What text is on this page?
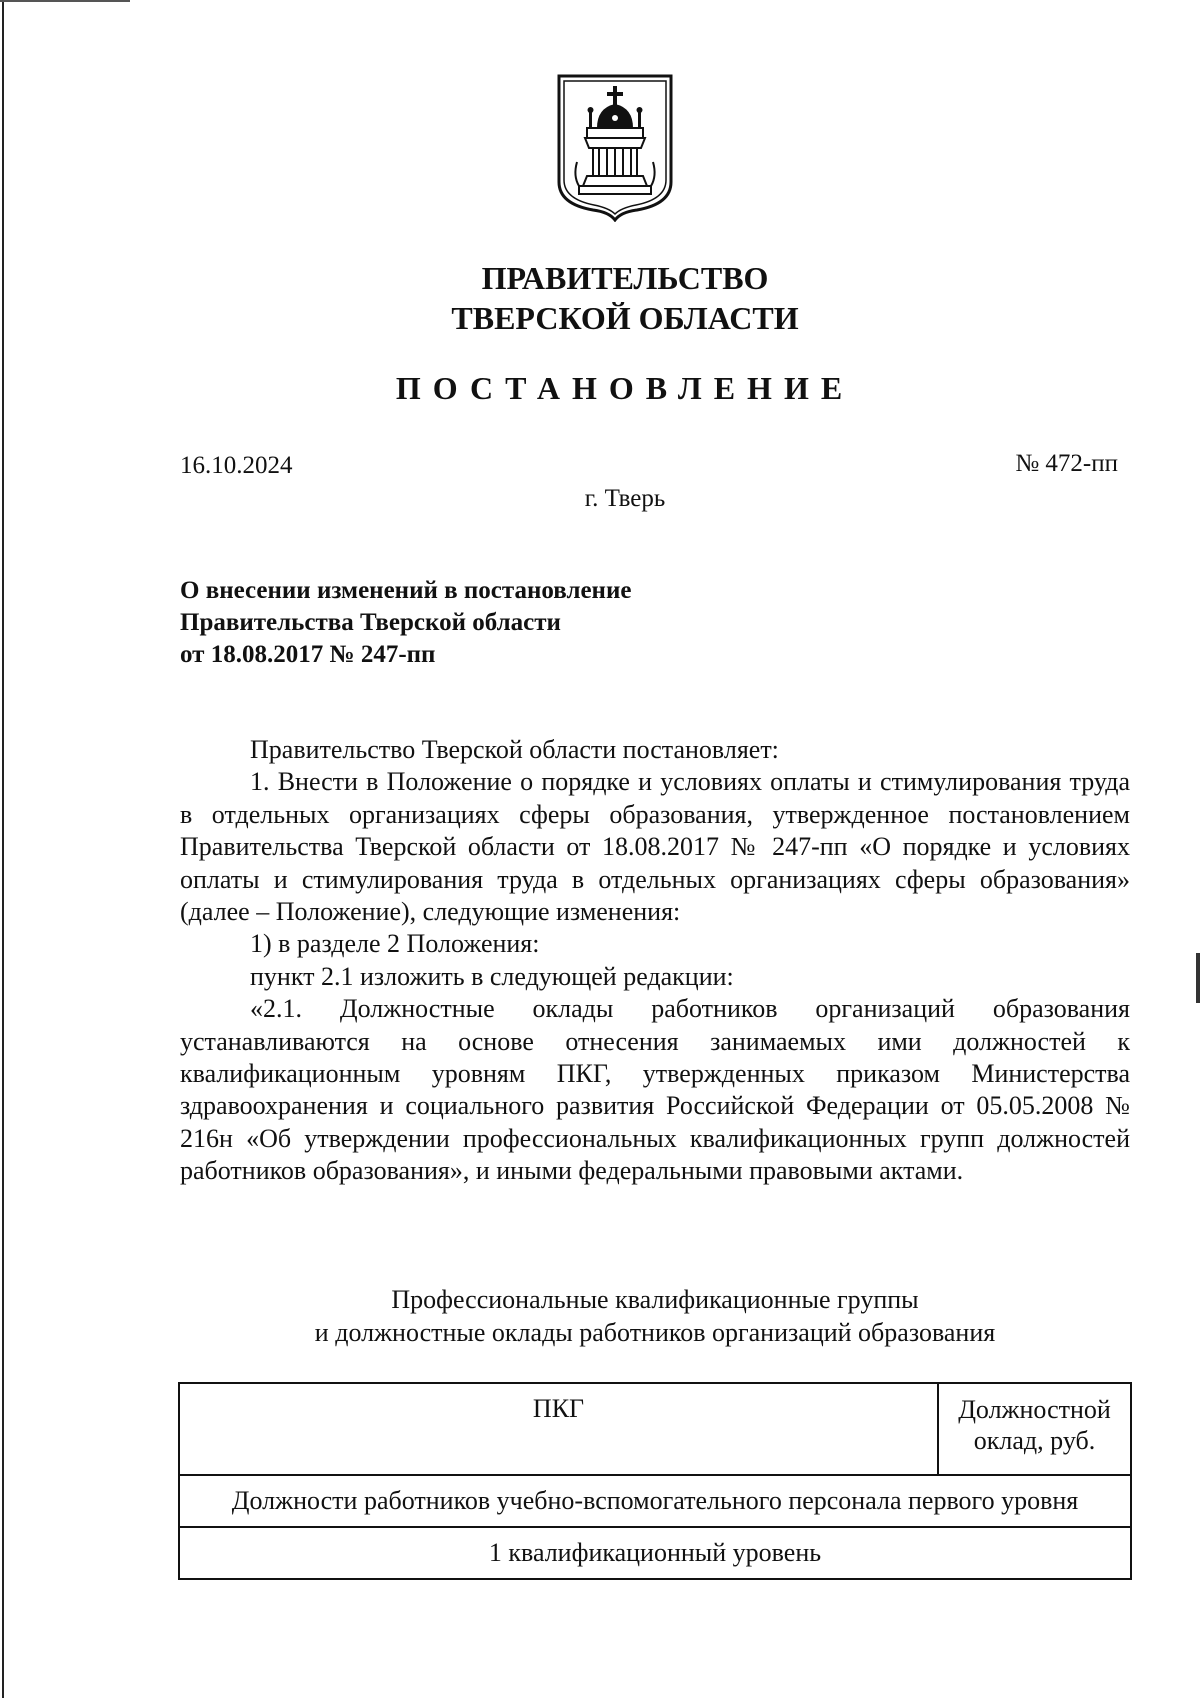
ПРАВИТЕЛЬСТВО
ТВЕРСКОЙ ОБЛАСТИ
ПОСТАНОВЛЕНИЕ
16.10.2024	№ 472-пп
г. Тверь
О внесении изменений в постановление
Правительства Тверской области
от 18.08.2017 № 247-пп

Правительство Тверской области постановляет:

1. Внести в Положение о порядке и условиях оплаты и стимулирования труда в отдельных организациях сферы образования, утвержденное постановлением Правительства Тверской области от 18.08.2017 № 247-пп «О порядке и условиях оплаты и стимулирования труда в отдельных организациях сферы образования» (далее – Положение), следующие изменения:

1) в разделе 2 Положения:

пункт 2.1 изложить в следующей редакции:

«2.1. Должностные оклады работников организаций образования устанавливаются на основе отнесения занимаемых ими должностей к квалификационным уровням ПКГ, утвержденных приказом Министерства здравоохранения и социального развития Российской Федерации от 05.05.2008 № 216н «Об утверждении профессиональных квалификационных групп должностей работников образования», и иными федеральными правовыми актами.

Профессиональные квалификационные группы
и должностные оклады работников организаций образования
ПКГ	Должностной
оклад, руб.

Должности работников учебно-вспомогательного персонала первого уровня
1 квалификационный уровень
